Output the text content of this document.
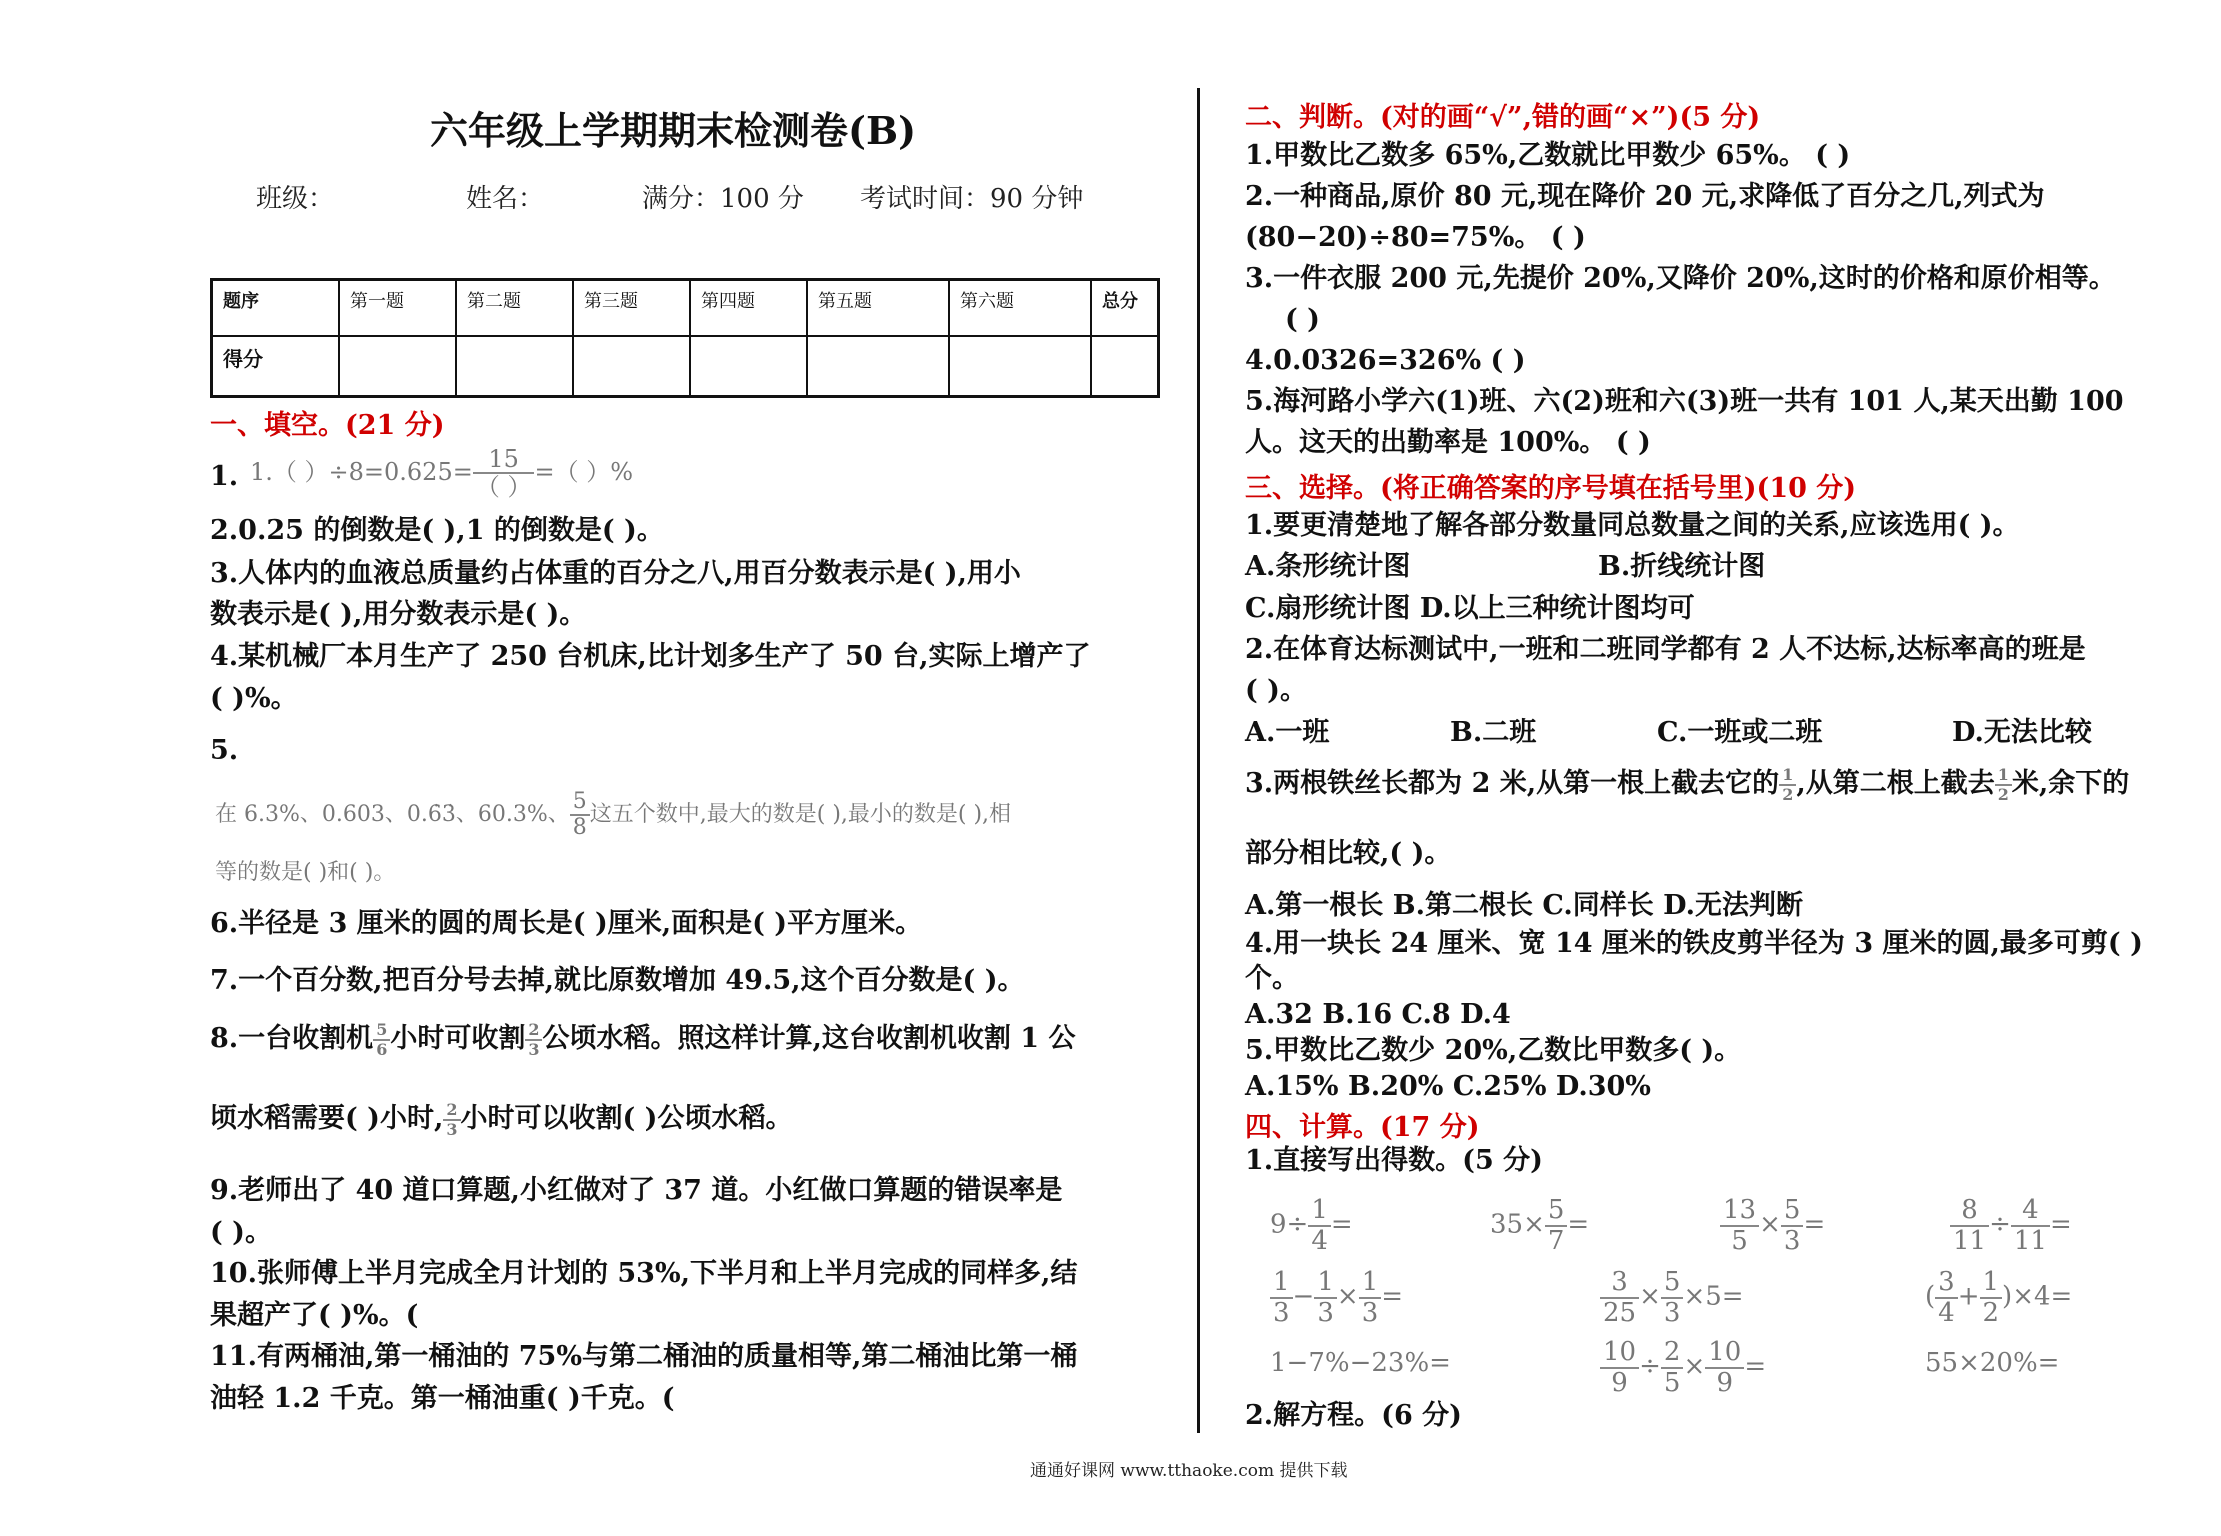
六年级上学期期末检测卷(B)
班级：	姓名：	满分：100 分 考试时间：90 分钟
题序	第一题	第二题	第三题	第四题	第五题	第六题	总分
得分							
一、填空。(21 分)
1. 1.（ ）$\div 8=0.625= \frac{15}{( )}$ =（ ）%
2.0.25 的倒数是( ),1 的倒数是( )。
3.人体内的血液总质量约占体重的百分之八,用百分数表示是( ),用小
数表示是( ),用分数表示是( )。
4.某机械厂本月生产了 250 台机床,比计划多生产了 50 台,实际上增产了
( )%。
5.
在 6.3%、0.603、0.6̇3̇、60.3%、 $\frac{5}{8}$ 这五个数中,最大的数是( ),最小的数是( ),相
等的数是( )和( )。
6.半径是 3 厘米的圆的周长是( )厘米,面积是( )平方厘米。
7.一个百分数,把百分号去掉,就比原数增加 49.5,这个百分数是( )。
8.一台收割机 $\frac{5}{6}$ 小时可收割 $\frac{2}{3}$ 公顷水稻。照这样计算,这台收割机收割 1 公
顷水稻需要( )小时, $\frac{2}{3}$ 小时可以收割( )公顷水稻。
9.老师出了 40 道口算题,小红做对了 37 道。小红做口算题的错误率是
( )。
10.张师傅上半月完成全月计划的 53%,下半月和上半月完成的同样多,结
果超产了( )%。(
11.有两桶油,第一桶油的 75%与第二桶油的质量相等,第二桶油比第一桶
油轻 1.2 千克。第一桶油重( )千克。(
二、判断。(对的画“√”,错的画“×”)(5 分)
1.甲数比乙数多 65%,乙数就比甲数少 65%。 ( )
2.一种商品,原价 80 元,现在降价 20 元,求降低了百分之几,列式为
(80−20)÷80=75%。 ( )
3.一件衣服 200 元,先提价 20%,又降价 20%,这时的价格和原价相等。
( )
4.0.0326=326% ( )
5.海河路小学六(1)班、六(2)班和六(3)班一共有 101 人,某天出勤 100
人。这天的出勤率是 100%。 ( )
三、选择。(将正确答案的序号填在括号里)(10 分)
1.要更清楚地了解各部分数量同总数量之间的关系,应该选用( )。
A.条形统计图	B.折线统计图
C.扇形统计图 D.以上三种统计图均可
2.在体育达标测试中,一班和二班同学都有 2 人不达标,达标率高的班是
( )。
A.一班	B.二班	C.一班或二班	D.无法比较
3.两根铁丝长都为 2 米,从第一根上截去它的 $\frac{1}{2}$ ,从第二根上截去 $\frac{1}{2}$ 米,余下的
部分相比较,( )。
A.第一根长 B.第二根长 C.同样长 D.无法判断
4.用一块长 24 厘米、宽 14 厘米的铁皮剪半径为 3 厘米的圆,最多可剪( )
个。
A.32 B.16 C.8 D.4
5.甲数比乙数少 20%,乙数比甲数多( )。
A.15% B.20% C.25% D.30%
四、计算。(17 分)
1.直接写出得数。(5 分)
$9\div \frac{1}{4}$ =	$35\times \frac{5}{7}$ =	$\frac{13}{5} \times \frac{5}{3}$ =	$\frac{8}{11} \div \frac{4}{11}$ =
$\frac{1}{3} - \frac{1}{3} \times \frac{1}{3}$ =	$\frac{3}{25} \times \frac{5}{3} \times 5=$	( $\frac{3}{4} + \frac{1}{2} )\times 4=$
1−7%−23%=	$\frac{10}{9} \div \frac{2}{5} \times \frac{10}{9}$ =	55×20%=
2.解方程。(6 分)
通通好课网 www.tthaoke.com 提供下载
